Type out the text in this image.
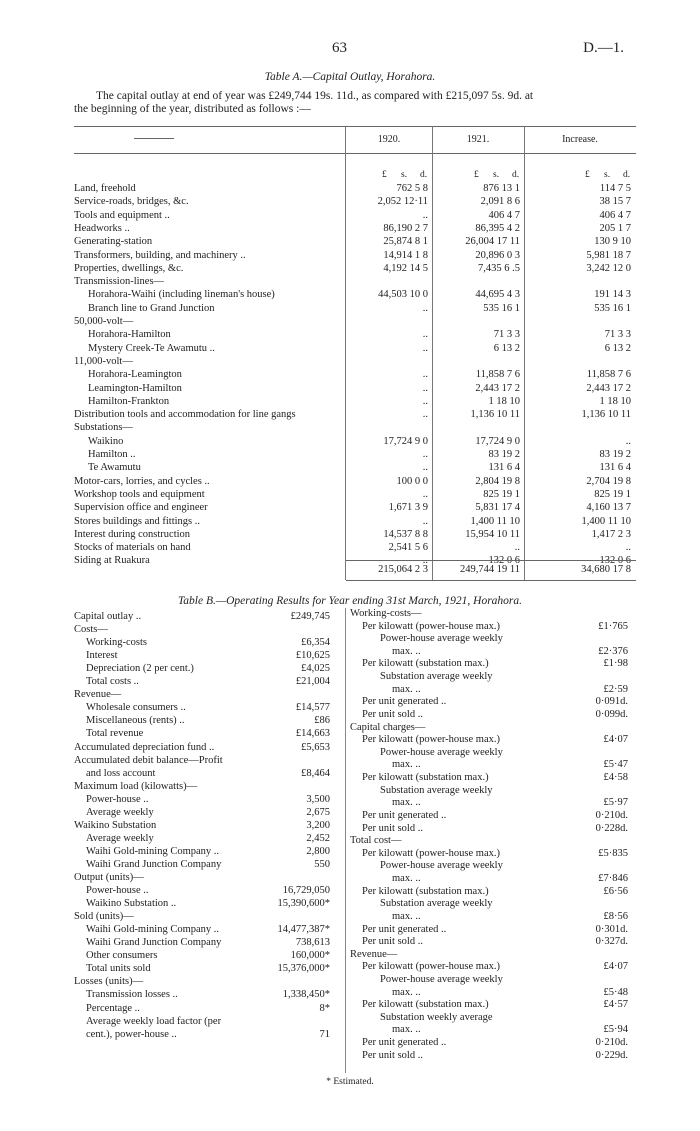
63	D.—1.
Table A.—Capital Outlay, Horahora.
The capital outlay at end of year was £249,744 19s. 11d., as compared with £215,097 5s. 9d. at
the beginning of the year, distributed as follows :—
1920.	1921.	Increase.
£ s. d.	£ s. d.	£ s. d.
Land, freehold	762 5 8	876 13 1	114 7 5
Service-roads, bridges, &c.	2,052 12·11	2,091 8 6	38 15 7
Tools and equipment ..	..	406 4 7	406 4 7
Headworks ..	86,190 2 7	86,395 4 2	205 1 7
Generating-station	25,874 8 1	26,004 17 11	130 9 10
Transformers, building, and machinery ..	14,914 1 8	20,896 0 3	5,981 18 7
Properties, dwellings, &c.	4,192 14 5	7,435 6 .5	3,242 12 0
Transmission-lines—
Horahora-Waihi (including lineman's house)	44,503 10 0	44,695 4 3	191 14 3
Branch line to Grand Junction	..	535 16 1	535 16 1
50,000-volt—
Horahora-Hamilton	..	71 3 3	71 3 3
Mystery Creek-Te Awamutu ..	..	6 13 2	6 13 2
11,000-volt—
Horahora-Leamington	..	11,858 7 6	11,858 7 6
Leamington-Hamilton	..	2,443 17 2	2,443 17 2
Hamilton-Frankton	..	1 18 10	1 18 10
Distribution tools and accommodation for line gangs	..	1,136 10 11	1,136 10 11
Substations—
Waikino	17,724 9 0	17,724 9 0	..
Hamilton ..	..	83 19 2	83 19 2
Te Awamutu	..	131 6 4	131 6 4
Motor-cars, lorries, and cycles ..	100 0 0	2,804 19 8	2,704 19 8
Workshop tools and equipment	..	825 19 1	825 19 1
Supervision office and engineer	1,671 3 9	5,831 17 4	4,160 13 7
Stores buildings and fittings ..	..	1,400 11 10	1,400 11 10
Interest during construction	14,537 8 8	15,954 10 11	1,417 2 3
Stocks of materials on hand	2,541 5 6	..	..
Siding at Ruakura	..	132 0 6	132 0 6
215,064 2 3	249,744 19 11	34,680 17 8
Table B.—Operating Results for Year ending 31st March, 1921, Horahora.
Capital outlay ..	£249,745
Costs—
Working-costs	£6,354
Interest	£10,625
Depreciation (2 per cent.)	£4,025
Total costs ..	£21,004
Revenue—
Wholesale consumers ..	£14,577
Miscellaneous (rents) ..	£86
Total revenue	£14,663
Accumulated depreciation fund ..	£5,653
Accumulated debit balance—Profit
and loss account	£8,464
Maximum load (kilowatts)—
Power-house ..	3,500
Average weekly	2,675
Waikino Substation	3,200
Average weekly	2,452
Waihi Gold-mining Company ..	2,800
Waihi Grand Junction Company	550
Output (units)—
Power-house ..	16,729,050
Waikino Substation ..	15,390,600*
Sold (units)—
Waihi Gold-mining Company ..	14,477,387*
Waihi Grand Junction Company	738,613
Other consumers	160,000*
Total units sold	15,376,000*
Losses (units)—
Transmission losses ..	1,338,450*
Percentage ..	8*
Average weekly load factor (per
cent.), power-house ..	71
Working-costs—
Per kilowatt (power-house max.)	£1·765
Power-house average weekly
max. ..	£2·376
Per kilowatt (substation max.)	£1·98
Substation average weekly
max. ..	£2·59
Per unit generated ..	0·091d.
Per unit sold ..	0·099d.
Capital charges—
Per kilowatt (power-house max.)	£4·07
Power-house average weekly
max. ..	£5·47
Per kilowatt (substation max.)	£4·58
Substation average weekly
max. ..	£5·97
Per unit generated ..	0·210d.
Per unit sold ..	0·228d.
Total cost—
Per kilowatt (power-house max.)	£5·835
Power-house average weekly
max. ..	£7·846
Per kilowatt (substation max.)	£6·56
Substation average weekly
max. ..	£8·56
Per unit generated ..	0·301d.
Per unit sold ..	0·327d.
Revenue—
Per kilowatt (power-house max.)	£4·07
Power-house average weekly
max. ..	£5·48
Per kilowatt (substation max.)	£4·57
Substation weekly average
max. ..	£5·94
Per unit generated ..	0·210d.
Per unit sold ..	0·229d.
* Estimated.
